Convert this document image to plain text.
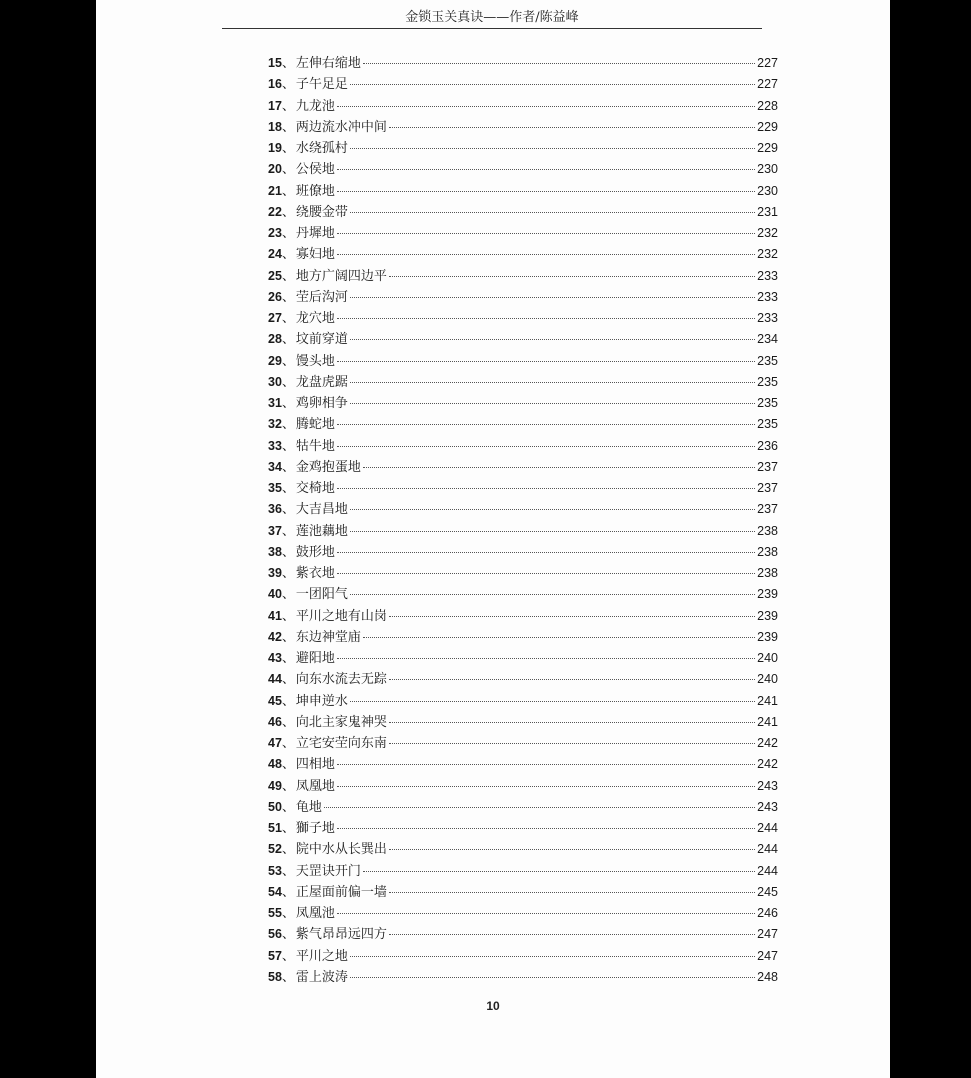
金锁玉关真诀——作者/陈益峰
15 、 左伸右缩地	227
16 、 子午足足	227
17 、 九龙池	228
18 、 两边流水冲中间	229
19 、 水绕孤村	229
20 、 公侯地	230
21 、 班僚地	230
22 、 绕腰金带	231
23 、 丹墀地	232
24 、 寡妇地	232
25 、 地方广阔四边平	233
26 、 茔后沟河	233
27 、 龙穴地	233
28 、 坟前穿道	234
29 、 馒头地	235
30 、 龙盘虎踞	235
31 、 鸡卵相争	235
32 、 腾蛇地	235
33 、 牯牛地	236
34 、 金鸡抱蛋地	237
35 、 交椅地	237
36 、 大吉昌地	237
37 、 莲池藕地	238
38 、 鼓形地	238
39 、 紫衣地	238
40 、 一团阳气	239
41 、 平川之地有山岗	239
42 、 东边神堂庙	239
43 、 避阳地	240
44 、 向东水流去无踪	240
45 、 坤申逆水	241
46 、 向北主家鬼神哭	241
47 、 立宅安茔向东南	242
48 、 四相地	242
49 、 凤凰地	243
50 、 龟地	243
51 、 獅子地	244
52 、 院中水从长巽出	244
53 、 天罡诀开门	244
54 、 正屋面前偏一墙	245
55 、 凤凰池	246
56 、 紫气昂昂远四方	247
57 、 平川之地	247
58 、 雷上波涛	248
10
